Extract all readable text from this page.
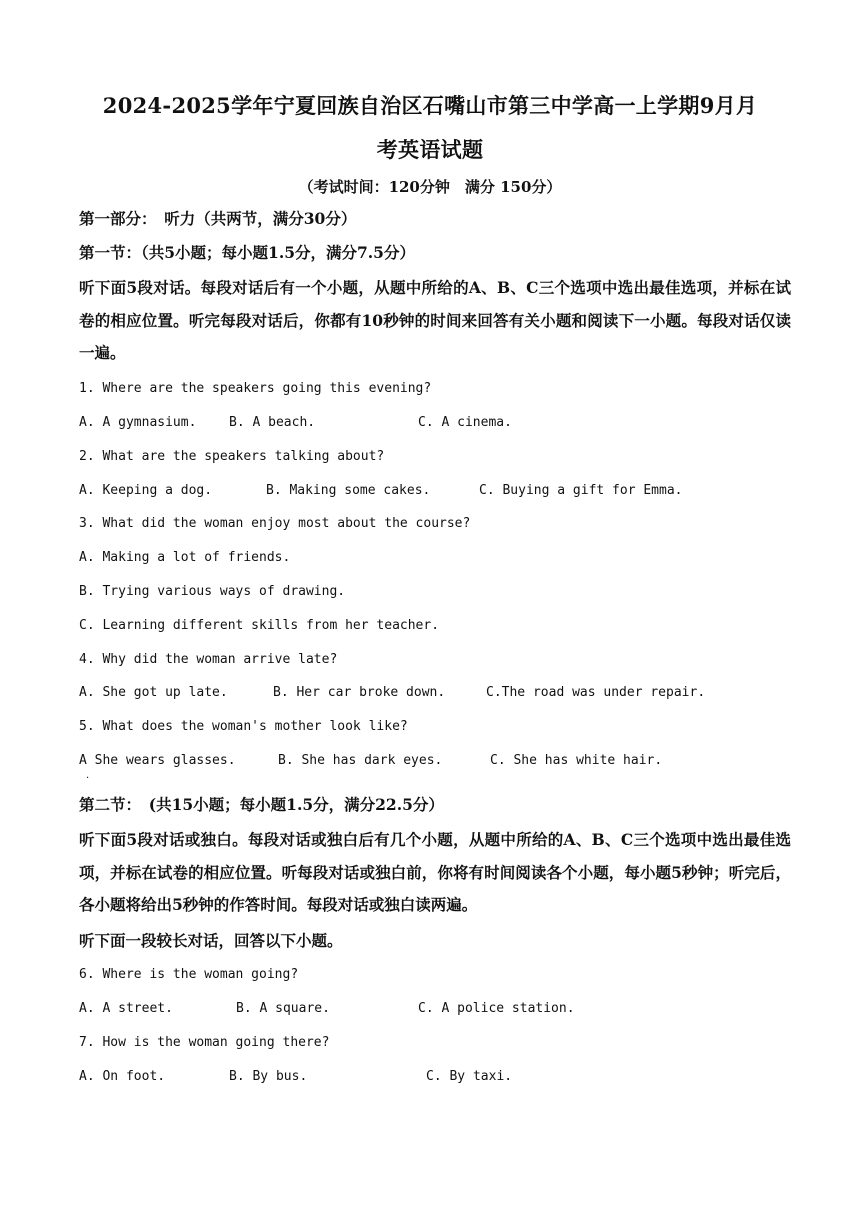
2024-2025学年宁夏回族自治区石嘴山市第三中学高一上学期9月月
考英语试题
（考试时间：120分钟　满分 150分）
第一部分：　听力（共两节，满分30分）
第一节：（共5小题；每小题1.5分，满分7.5分）
听下面5段对话。每段对话后有一个小题，从题中所给的A、B、C三个选项中选出最佳选项，并标在试卷的相应位置。听完每段对话后，你都有10秒钟的时间来回答有关小题和阅读下一小题。每段对话仅读一遍。
1. Where are the speakers going this evening?
A. A gymnasium.	B. A beach.	C. A cinema.
2. What are the speakers talking about?
A. Keeping a dog.	B. Making some cakes.	C. Buying a gift for Emma.
3. What did the woman enjoy most about the course?
A. Making a lot of friends.
B. Trying various ways of drawing.
C. Learning different skills from her teacher.
4. Why did the woman arrive late?
A. She got up late.	B. Her car broke down.	C.The road was under repair.
5. What does the woman's mother look like?
A She wears glasses.	B. She has dark eyes.	C. She has white hair.
·
第二节：　(共15小题；每小题1.5分，满分22.5分）
听下面5段对话或独白。每段对话或独白后有几个小题，从题中所给的A、B、C三个选项中选出最佳选项，并标在试卷的相应位置。听每段对话或独白前，你将有时间阅读各个小题，每小题5秒钟；听完后，各小题将给出5秒钟的作答时间。每段对话或独白读两遍。
听下面一段较长对话，回答以下小题。
6. Where is the woman going?
A. A street.	B. A square.	C. A police station.
7. How is the woman going there?
A. On foot.	B. By bus.	C. By taxi.
